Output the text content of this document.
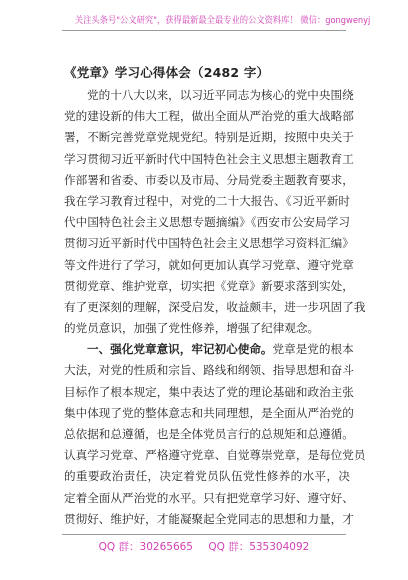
关注头条号"公文研究"，获得最新最全最专业的公文资料库！ 微信：gongwenyj
《党章》学习心得体会（2482 字）
党的十八大以来，以习近平同志为核心的党中央围绕
党的建设新的伟大工程，做出全面从严治党的重大战略部
署，不断完善党章党规党纪。特别是近期，按照中央关于
学习贯彻习近平新时代中国特色社会主义思想主题教育工
作部署和省委、市委以及市局、分局党委主题教育要求，
我在学习教育过程中，对党的二十大报告、《习近平新时
代中国特色社会主义思想专题摘编》《西安市公安局学习
贯彻习近平新时代中国特色社会主义思想学习资料汇编》
等文件进行了学习，就如何更加认真学习党章、遵守党章
贯彻党章、维护党章，切实把《党章》新要求落到实处，
有了更深刻的理解，深受启发，收益颇丰，进一步巩固了我
的党员意识，加强了党性修养，增强了纪律观念。
一、强化党章意识，牢记初心使命。党章是党的根本
大法，对党的性质和宗旨、路线和纲领、指导思想和奋斗
目标作了根本规定，集中表达了党的理论基础和政治主张
集中体现了党的整体意志和共同理想，是全面从严治党的
总依据和总遵循，也是全体党员言行的总规矩和总遵循。
认真学习党章、严格遵守党章、自觉尊崇党章，是每位党员
的重要政治责任，决定着党员队伍党性修养的水平，决
定着全面从严治党的水平。只有把党章学习好、遵守好、
贯彻好、维护好，才能凝聚起全党同志的思想和力量，才
QQ 群：30265665 QQ 群：535304092
